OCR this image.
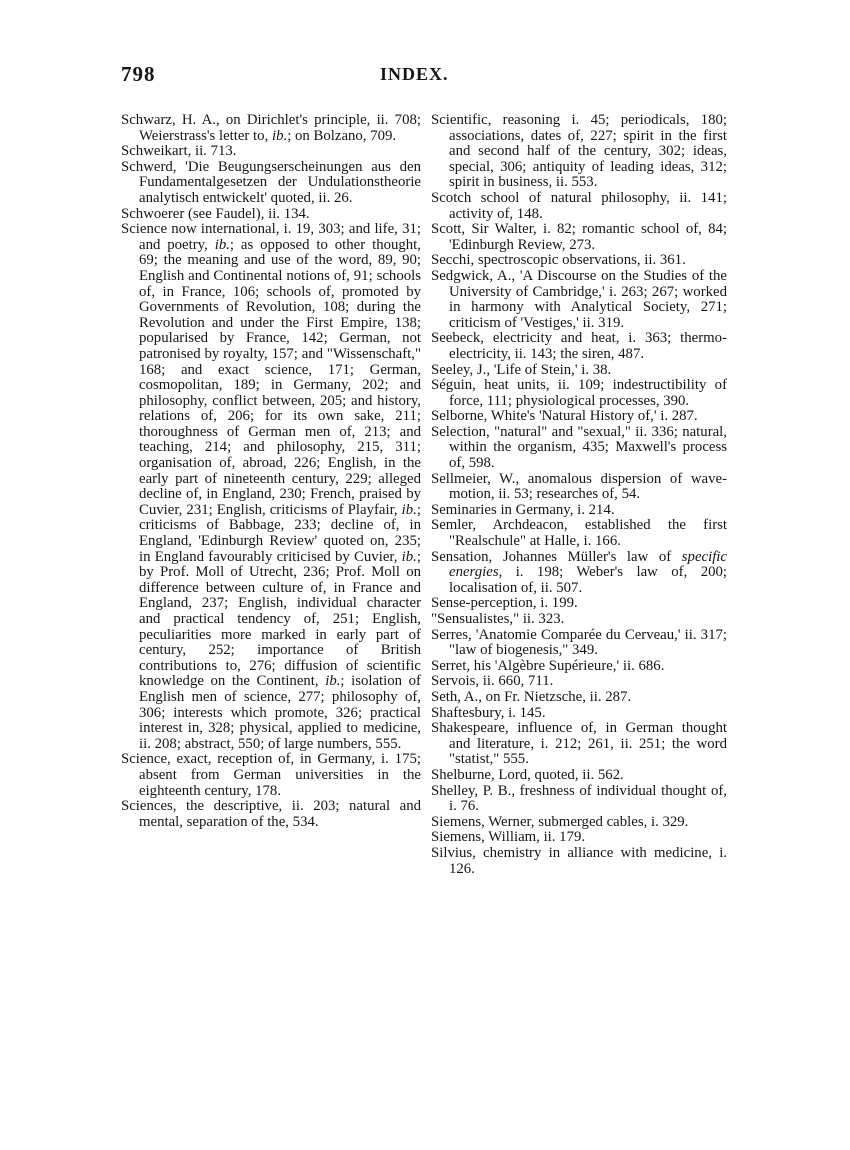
798	INDEX.

Schwarz, H. A., on Dirichlet's principle, ii. 708; Weierstrass's letter to, ib.; on Bolzano, 709.

Schweikart, ii. 713.

Schwerd, 'Die Beugungserscheinungen aus den Fundamentalgesetzen der Undulationstheorie analytisch entwickelt' quoted, ii. 26.

Schwoerer (see Faudel), ii. 134.

Science now international, i. 19, 303; and life, 31; and poetry, ib.; as opposed to other thought, 69; the meaning and use of the word, 89, 90; English and Continental notions of, 91; schools of, in France, 106; schools of, promoted by Governments of Revolution, 108; during the Revolution and under the First Empire, 138; popularised by France, 142; German, not patronised by royalty, 157; and "Wissenschaft," 168; and exact science, 171; German, cosmopolitan, 189; in Germany, 202; and philosophy, conflict between, 205; and history, relations of, 206; for its own sake, 211; thoroughness of German men of, 213; and teaching, 214; and philosophy, 215, 311; organisation of, abroad, 226; English, in the early part of nineteenth century, 229; alleged decline of, in England, 230; French, praised by Cuvier, 231; English, criticisms of Playfair, ib.; criticisms of Babbage, 233; decline of, in England, 'Edinburgh Review' quoted on, 235; in England favourably criticised by Cuvier, ib.; by Prof. Moll of Utrecht, 236; Prof. Moll on difference between culture of, in France and England, 237; English, individual character and practical tendency of, 251; English, peculiarities more marked in early part of century, 252; importance of British contributions to, 276; diffusion of scientific knowledge on the Continent, ib.; isolation of English men of science, 277; philosophy of, 306; interests which promote, 326; practical interest in, 328; physical, applied to medicine, ii. 208; abstract, 550; of large numbers, 555.

Science, exact, reception of, in Germany, i. 175; absent from German universities in the eighteenth century, 178.

Sciences, the descriptive, ii. 203; natural and mental, separation of the, 534.

Scientific, reasoning i. 45; periodicals, 180; associations, dates of, 227; spirit in the first and second half of the century, 302; ideas, special, 306; antiquity of leading ideas, 312; spirit in business, ii. 553.

Scotch school of natural philosophy, ii. 141; activity of, 148.

Scott, Sir Walter, i. 82; romantic school of, 84; 'Edinburgh Review, 273.

Secchi, spectroscopic observations, ii. 361.

Sedgwick, A., 'A Discourse on the Studies of the University of Cambridge,' i. 263; 267; worked in harmony with Analytical Society, 271; criticism of 'Vestiges,' ii. 319.

Seebeck, electricity and heat, i. 363; thermo-electricity, ii. 143; the siren, 487.

Seeley, J., 'Life of Stein,' i. 38.

Séguin, heat units, ii. 109; indestructibility of force, 111; physiological processes, 390.

Selborne, White's 'Natural History of,' i. 287.

Selection, "natural" and "sexual," ii. 336; natural, within the organism, 435; Maxwell's process of, 598.

Sellmeier, W., anomalous dispersion of wave-motion, ii. 53; researches of, 54.

Seminaries in Germany, i. 214.

Semler, Archdeacon, established the first "Realschule" at Halle, i. 166.

Sensation, Johannes Müller's law of specific energies, i. 198; Weber's law of, 200; localisation of, ii. 507.

Sense-perception, i. 199.

"Sensualistes," ii. 323.

Serres, 'Anatomie Comparée du Cerveau,' ii. 317; "law of biogenesis," 349.

Serret, his 'Algèbre Supérieure,' ii. 686.

Servois, ii. 660, 711.

Seth, A., on Fr. Nietzsche, ii. 287.

Shaftesbury, i. 145.

Shakespeare, influence of, in German thought and literature, i. 212; 261, ii. 251; the word "statist," 555.

Shelburne, Lord, quoted, ii. 562.

Shelley, P. B., freshness of individual thought of, i. 76.

Siemens, Werner, submerged cables, i. 329.

Siemens, William, ii. 179.

Silvius, chemistry in alliance with medicine, i. 126.
